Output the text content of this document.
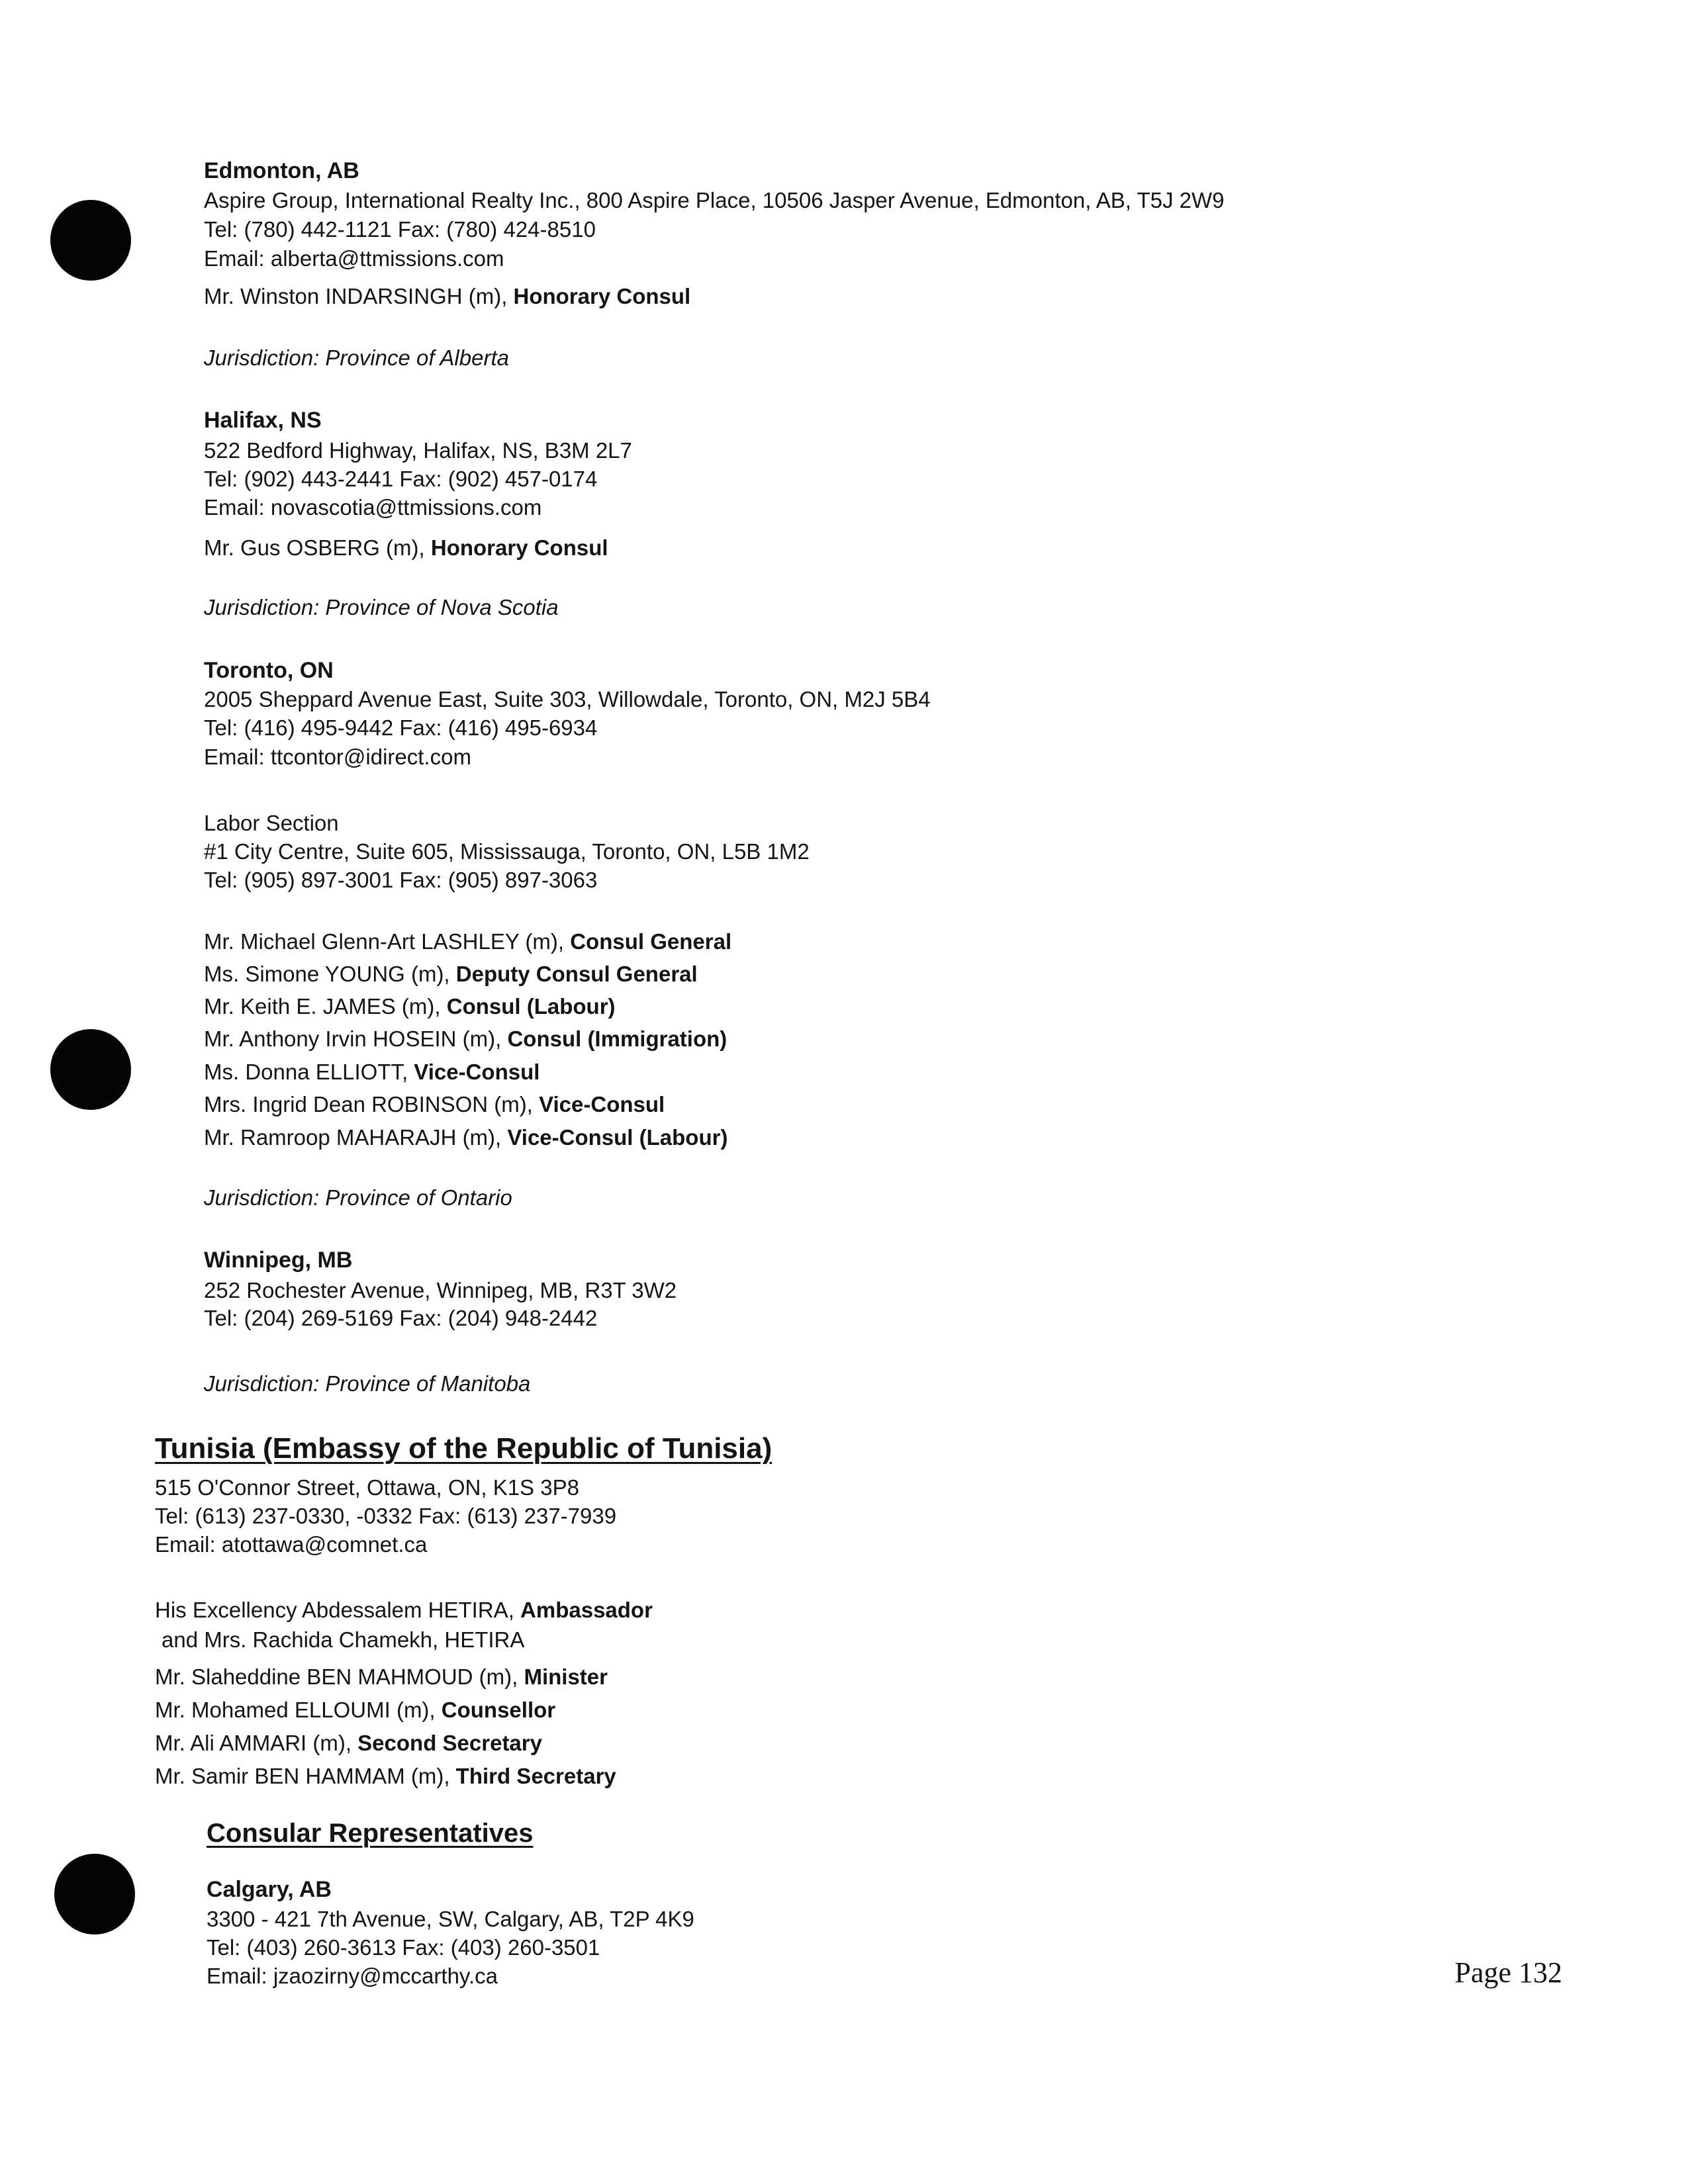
Edmonton, AB
Aspire Group, International Realty Inc., 800 Aspire Place, 10506 Jasper Avenue, Edmonton, AB, T5J 2W9
Tel: (780) 442-1121 Fax: (780) 424-8510
Email: alberta@ttmissions.com
Mr. Winston INDARSINGH (m), Honorary Consul
Jurisdiction: Province of Alberta
Halifax, NS
522 Bedford Highway, Halifax, NS, B3M 2L7
Tel: (902) 443-2441 Fax: (902) 457-0174
Email: novascotia@ttmissions.com
Mr. Gus OSBERG (m), Honorary Consul
Jurisdiction: Province of Nova Scotia
Toronto, ON
2005 Sheppard Avenue East, Suite 303, Willowdale, Toronto, ON, M2J 5B4
Tel: (416) 495-9442 Fax: (416) 495-6934
Email: ttcontor@idirect.com
Labor Section
#1 City Centre, Suite 605, Mississauga, Toronto, ON, L5B 1M2
Tel: (905) 897-3001 Fax: (905) 897-3063
Mr. Michael Glenn-Art LASHLEY (m), Consul General
Ms. Simone YOUNG (m), Deputy Consul General
Mr. Keith E. JAMES (m), Consul (Labour)
Mr. Anthony Irvin HOSEIN (m), Consul (Immigration)
Ms. Donna ELLIOTT, Vice-Consul
Mrs. Ingrid Dean ROBINSON (m), Vice-Consul
Mr. Ramroop MAHARAJH (m), Vice-Consul (Labour)
Jurisdiction: Province of Ontario
Winnipeg, MB
252 Rochester Avenue, Winnipeg, MB, R3T 3W2
Tel: (204) 269-5169 Fax: (204) 948-2442
Jurisdiction: Province of Manitoba
Tunisia (Embassy of the Republic of Tunisia)
515 O'Connor Street, Ottawa, ON, K1S 3P8
Tel: (613) 237-0330, -0332 Fax: (613) 237-7939
Email: atottawa@comnet.ca
His Excellency Abdessalem HETIRA, Ambassador
and Mrs. Rachida Chamekh, HETIRA
Mr. Slaheddine BEN MAHMOUD (m), Minister
Mr. Mohamed ELLOUMI (m), Counsellor
Mr. Ali AMMARI (m), Second Secretary
Mr. Samir BEN HAMMAM (m), Third Secretary
Consular Representatives
Calgary, AB
3300 - 421 7th Avenue, SW, Calgary, AB, T2P 4K9
Tel: (403) 260-3613 Fax: (403) 260-3501
Email: jzaozirny@mccarthy.ca	Page 132
